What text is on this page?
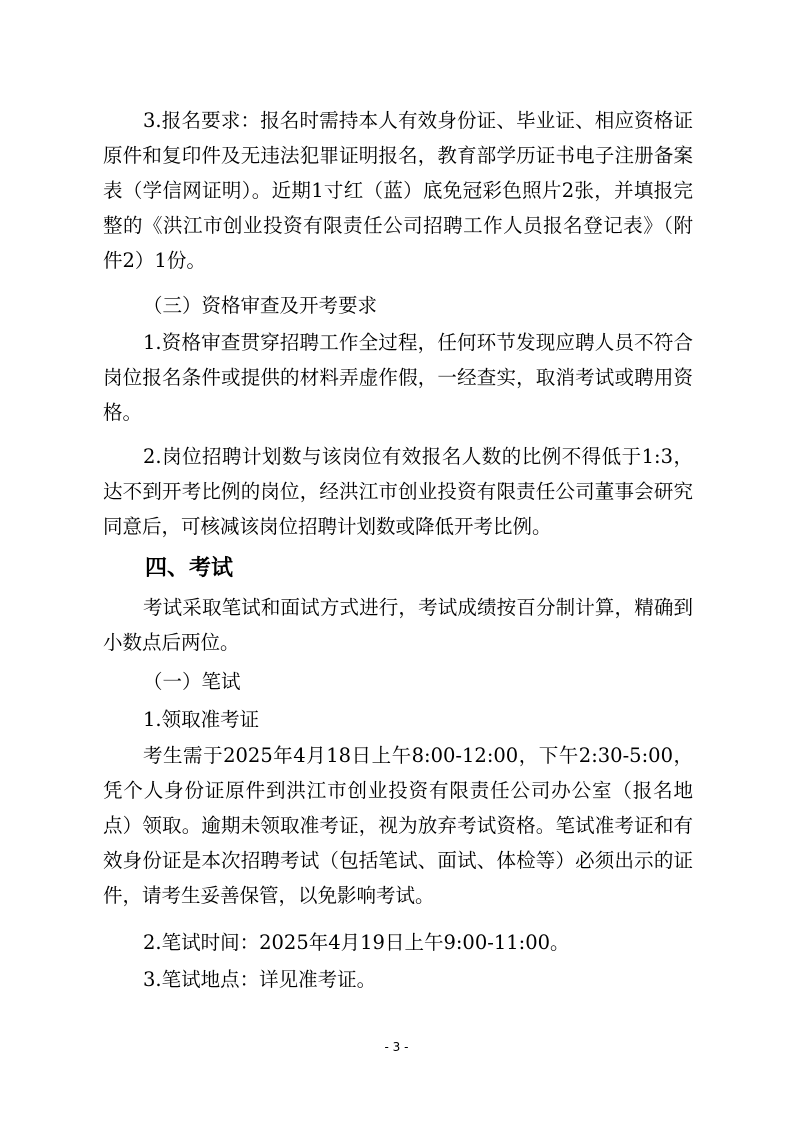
3.报名要求：报名时需持本人有效身份证、毕业证、相应资格证原件和复印件及无违法犯罪证明报名，教育部学历证书电子注册备案表（学信网证明）。近期1寸红（蓝）底免冠彩色照片2张，并填报完整的《洪江市创业投资有限责任公司招聘工作人员报名登记表》（附件2）1份。

（三）资格审查及开考要求

1.资格审查贯穿招聘工作全过程，任何环节发现应聘人员不符合岗位报名条件或提供的材料弄虚作假，一经查实，取消考试或聘用资格。

2.岗位招聘计划数与该岗位有效报名人数的比例不得低于1:3，达不到开考比例的岗位，经洪江市创业投资有限责任公司董事会研究同意后，可核减该岗位招聘计划数或降低开考比例。

四、考试

考试采取笔试和面试方式进行，考试成绩按百分制计算，精确到小数点后两位。

（一）笔试

1.领取准考证

考生需于2025年4月18日上午8:00-12:00，下午2:30-5:00，凭个人身份证原件到洪江市创业投资有限责任公司办公室（报名地点）领取。逾期未领取准考证，视为放弃考试资格。笔试准考证和有效身份证是本次招聘考试（包括笔试、面试、体检等）必须出示的证件，请考生妥善保管，以免影响考试。

2.笔试时间：2025年4月19日上午9:00-11:00。

3.笔试地点：详见准考证。

- 3 -
